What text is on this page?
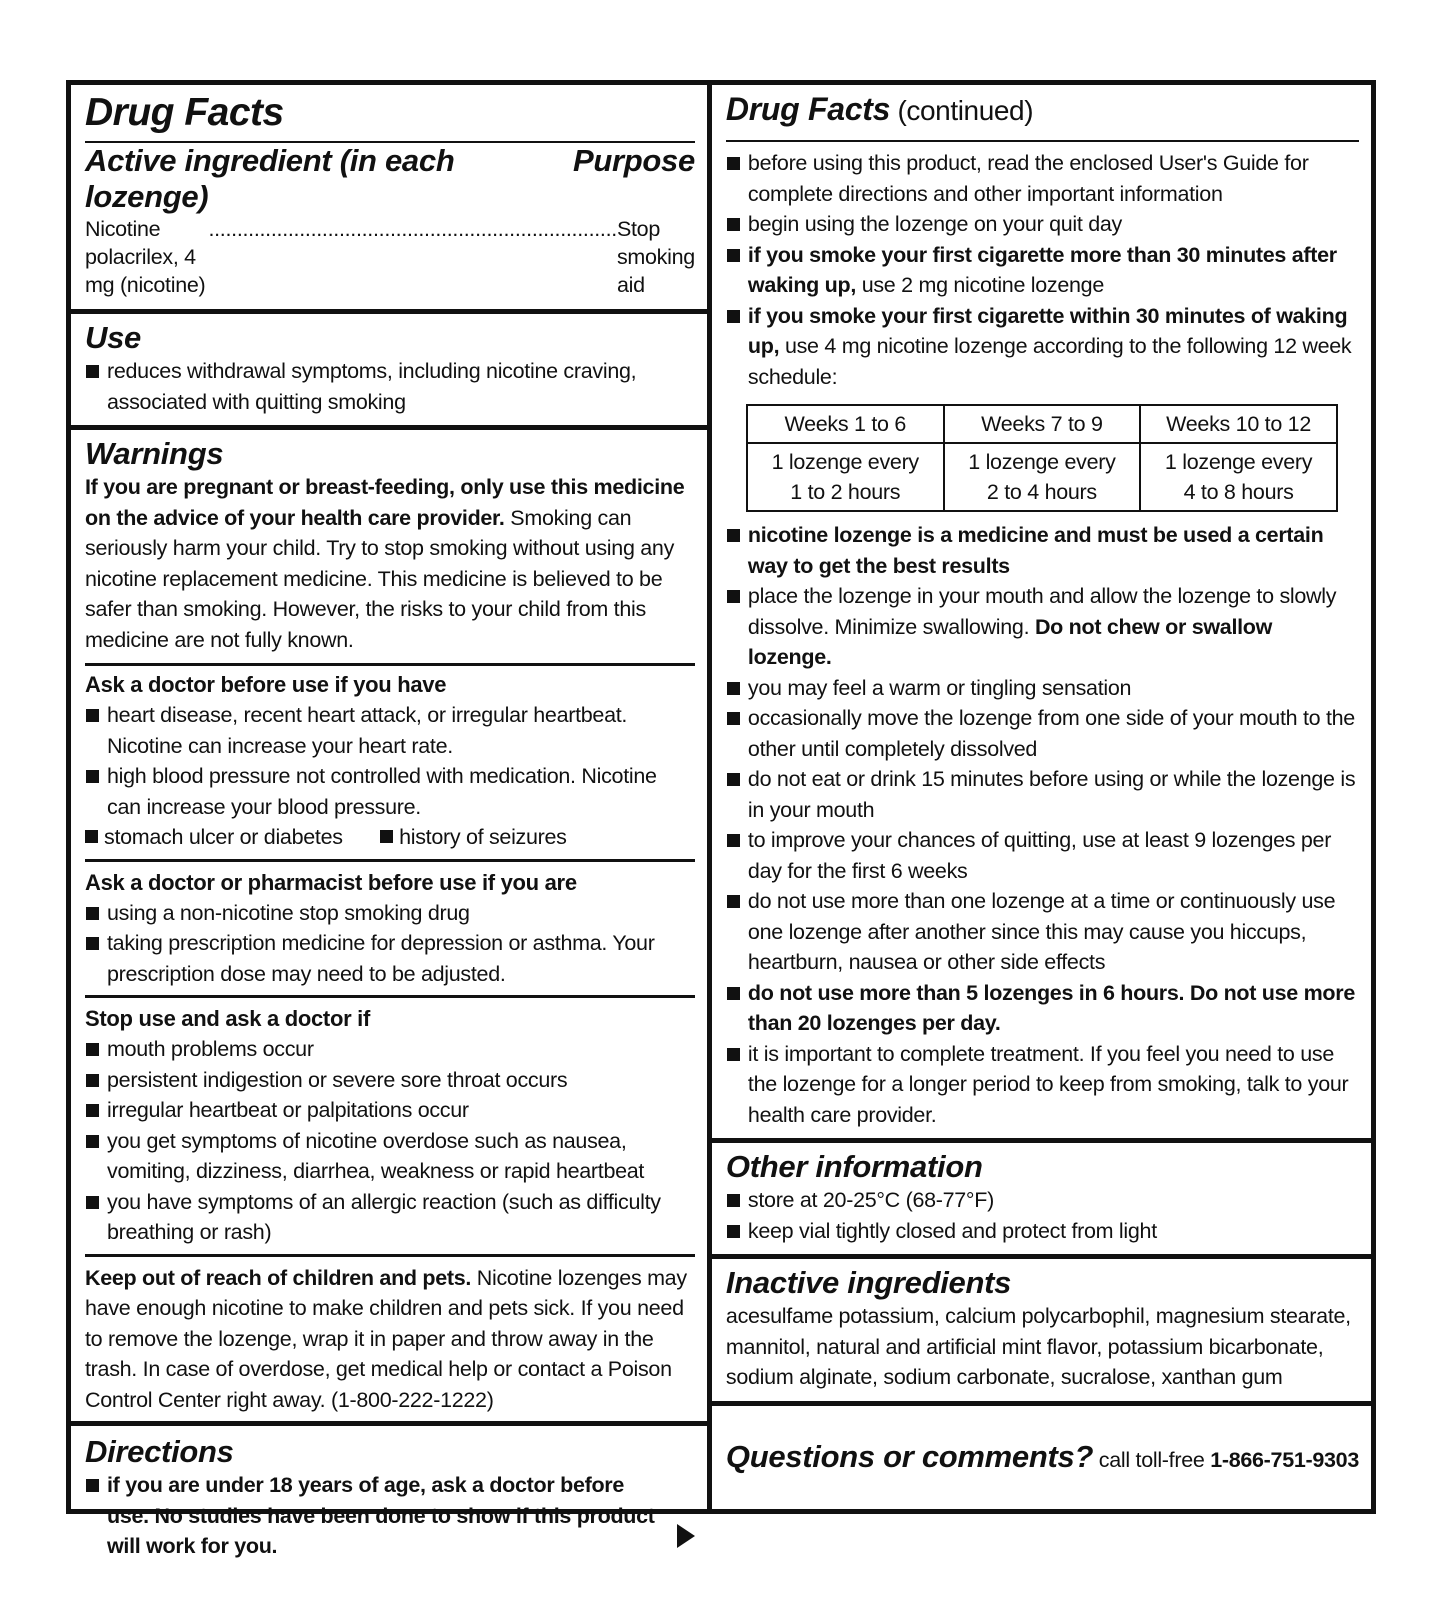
Drug Facts
Active ingredient (in each lozenge)
Purpose
Nicotine polacrilex, 4 mg (nicotine)
........................................................................ Stop smoking aid
Use
reduces withdrawal symptoms, including nicotine craving, associated with quitting smoking
Warnings
If you are pregnant or breast-feeding, only use this medicine on the advice of your health care provider. Smoking can seriously harm your child. Try to stop smoking without using any nicotine replacement medicine. This medicine is believed to be safer than smoking. However, the risks to your child from this medicine are not fully known.
Ask a doctor before use if you have
heart disease, recent heart attack, or irregular heartbeat. Nicotine can increase your heart rate.
high blood pressure not controlled with medication. Nicotine can increase your blood pressure.
stomach ulcer or diabetes	history of seizures
Ask a doctor or pharmacist before use if you are
using a non-nicotine stop smoking drug
taking prescription medicine for depression or asthma. Your prescription dose may need to be adjusted.
Stop use and ask a doctor if
mouth problems occur
persistent indigestion or severe sore throat occurs
irregular heartbeat or palpitations occur
you get symptoms of nicotine overdose such as nausea, vomiting, dizziness, diarrhea, weakness or rapid heartbeat
you have symptoms of an allergic reaction (such as difficulty breathing or rash)
Keep out of reach of children and pets. Nicotine lozenges may have enough nicotine to make children and pets sick. If you need to remove the lozenge, wrap it in paper and throw away in the trash. In case of overdose, get medical help or contact a Poison Control Center right away. (1-800-222-1222)
Directions
if you are under 18 years of age, ask a doctor before use. No studies have been done to show if this product will work for you.
Drug Facts (continued)
before using this product, read the enclosed User's Guide for complete directions and other important information
begin using the lozenge on your quit day
if you smoke your first cigarette more than 30 minutes after waking up, use 2 mg nicotine lozenge
if you smoke your first cigarette within 30 minutes of waking up, use 4 mg nicotine lozenge according to the following 12 week schedule:
Weeks 1 to 6	Weeks 7 to 9	Weeks 10 to 12
1 lozenge every 1 to 2 hours	1 lozenge every 2 to 4 hours	1 lozenge every 4 to 8 hours
nicotine lozenge is a medicine and must be used a certain way to get the best results
place the lozenge in your mouth and allow the lozenge to slowly dissolve. Minimize swallowing. Do not chew or swallow lozenge.
you may feel a warm or tingling sensation
occasionally move the lozenge from one side of your mouth to the other until completely dissolved
do not eat or drink 15 minutes before using or while the lozenge is in your mouth
to improve your chances of quitting, use at least 9 lozenges per day for the first 6 weeks
do not use more than one lozenge at a time or continuously use one lozenge after another since this may cause you hiccups, heartburn, nausea or other side effects
do not use more than 5 lozenges in 6 hours. Do not use more than 20 lozenges per day.
it is important to complete treatment. If you feel you need to use the lozenge for a longer period to keep from smoking, talk to your health care provider.
Other information
store at 20-25°C (68-77°F)
keep vial tightly closed and protect from light
Inactive ingredients
acesulfame potassium, calcium polycarbophil, magnesium stearate, mannitol, natural and artificial mint flavor, potassium bicarbonate, sodium alginate, sodium carbonate, sucralose, xanthan gum
Questions or comments? call toll-free 1-866-751-9303
